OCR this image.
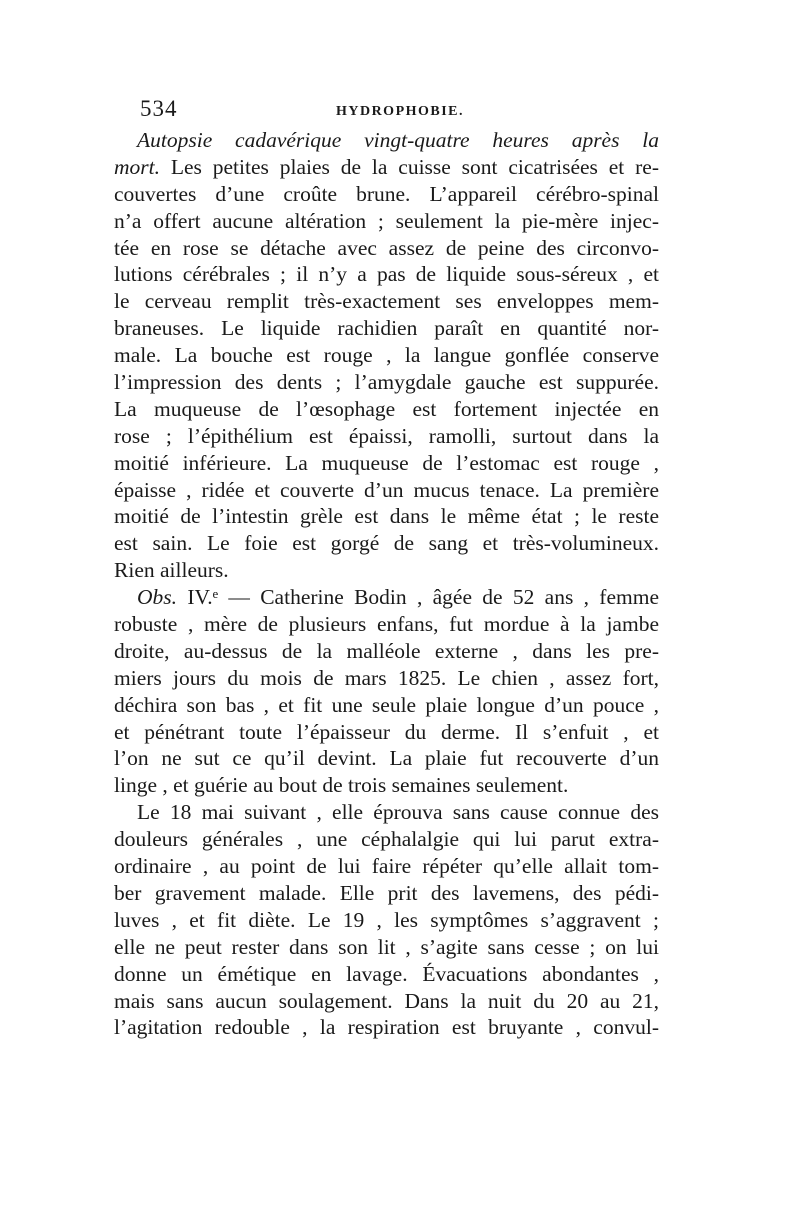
534	HYDROPHOBIE.
Autopsie cadavérique vingt-quatre heures après la
mort. Les petites plaies de la cuisse sont cicatrisées et re-
couvertes d’une croûte brune. L’appareil cérébro-spinal
n’a offert aucune altération ; seulement la pie-mère injec-
tée en rose se détache avec assez de peine des circonvo-
lutions cérébrales ; il n’y a pas de liquide sous-séreux , et
le cerveau remplit très-exactement ses enveloppes mem-
braneuses. Le liquide rachidien paraît en quantité nor-
male. La bouche est rouge , la langue gonflée conserve
l’impression des dents ; l’amygdale gauche est suppurée.
La muqueuse de l’œsophage est fortement injectée en
rose ; l’épithélium est épaissi, ramolli, surtout dans la
moitié inférieure. La muqueuse de l’estomac est rouge ,
épaisse , ridée et couverte d’un mucus tenace. La première
moitié de l’intestin grèle est dans le même état ; le reste
est sain. Le foie est gorgé de sang et très-volumineux.
Rien ailleurs.
Obs. IV.ᵉ — Catherine Bodin , âgée de 52 ans , femme
robuste , mère de plusieurs enfans, fut mordue à la jambe
droite, au-dessus de la malléole externe , dans les pre-
miers jours du mois de mars 1825. Le chien , assez fort,
déchira son bas , et fit une seule plaie longue d’un pouce ,
et pénétrant toute l’épaisseur du derme. Il s’enfuit , et
l’on ne sut ce qu’il devint. La plaie fut recouverte d’un
linge , et guérie au bout de trois semaines seulement.
Le 18 mai suivant , elle éprouva sans cause connue des
douleurs générales , une céphalalgie qui lui parut extra-
ordinaire , au point de lui faire répéter qu’elle allait tom-
ber gravement malade. Elle prit des lavemens, des pédi-
luves , et fit diète. Le 19 , les symptômes s’aggravent ;
elle ne peut rester dans son lit , s’agite sans cesse ; on lui
donne un émétique en lavage. Évacuations abondantes ,
mais sans aucun soulagement. Dans la nuit du 20 au 21,
l’agitation redouble , la respiration est bruyante , convul-
